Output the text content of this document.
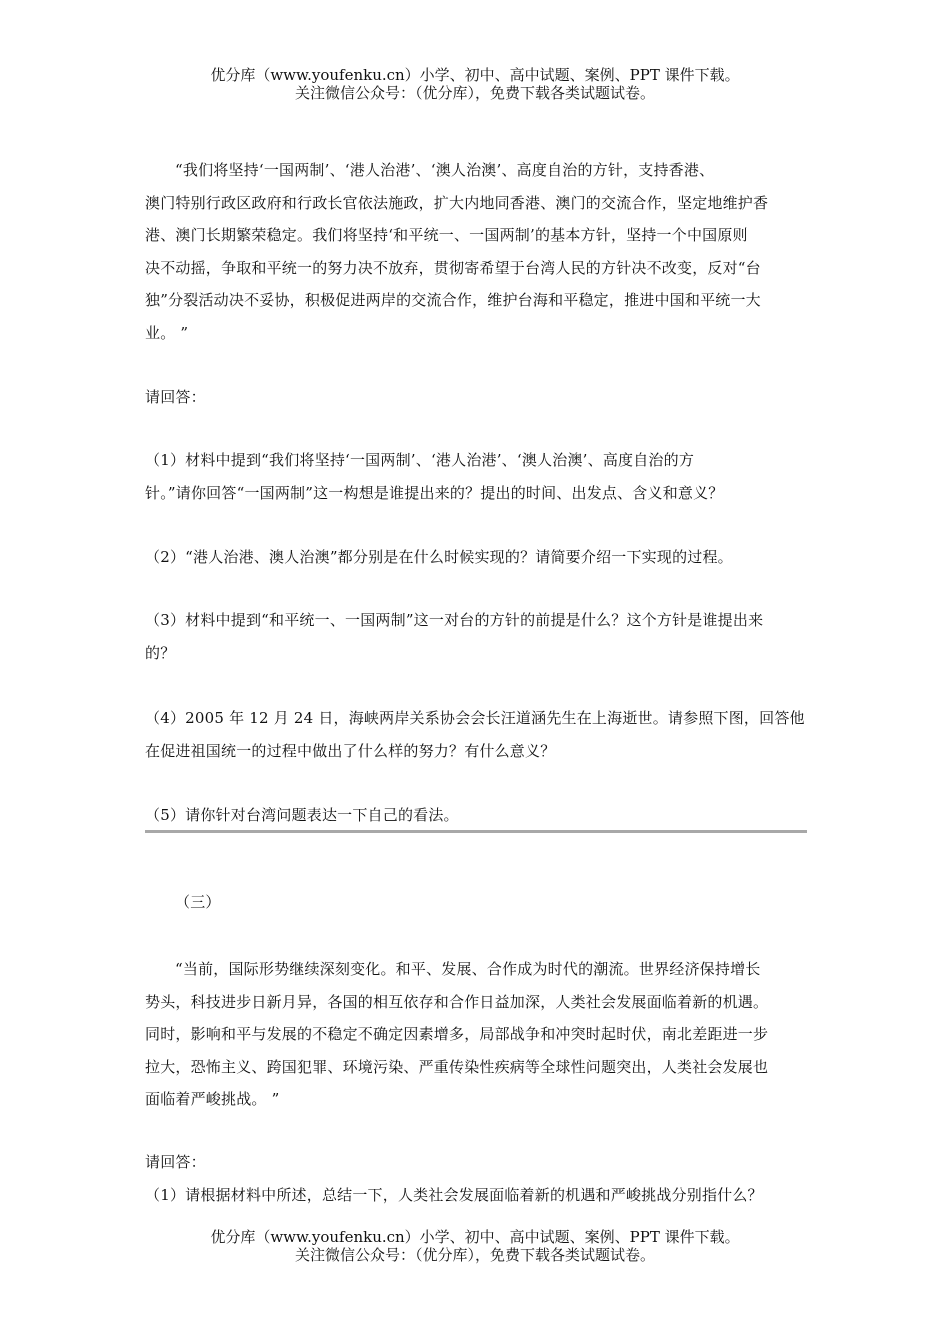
优分库（www.youfenku.cn）小学、初中、高中试题、案例、PPT 课件下载。
关注微信公众号：（优分库），免费下载各类试题试卷。
“我们将坚持‘一国两制’、‘港人治港’、‘澳人治澳’、高度自治的方针，支持香港、
澳门特别行政区政府和行政长官依法施政，扩大内地同香港、澳门的交流合作，坚定地维护香
港、澳门长期繁荣稳定。我们将坚持‘和平统一、一国两制’的基本方针，坚持一个中国原则
决不动摇，争取和平统一的努力决不放弃，贯彻寄希望于台湾人民的方针决不改变，反对“台
独”分裂活动决不妥协，积极促进两岸的交流合作，维护台海和平稳定，推进中国和平统一大
业。 ”
请回答：
（1）材料中提到“我们将坚持‘一国两制’、‘港人治港’、‘澳人治澳’、高度自治的方
针。”请你回答“一国两制”这一构想是谁提出来的？提出的时间、出发点、含义和意义？
（2）“港人治港、澳人治澳”都分别是在什么时候实现的？请简要介绍一下实现的过程。
（3）材料中提到“和平统一、一国两制”这一对台的方针的前提是什么？这个方针是谁提出来
的？
（4）2005 年 12 月 24 日，海峡两岸关系协会会长汪道涵先生在上海逝世。请参照下图，回答他
在促进祖国统一的过程中做出了什么样的努力？有什么意义？
（5）请你针对台湾问题表达一下自己的看法。
（三）
“当前，国际形势继续深刻变化。和平、发展、合作成为时代的潮流。世界经济保持增长
势头，科技进步日新月异，各国的相互依存和合作日益加深，人类社会发展面临着新的机遇。
同时，影响和平与发展的不稳定不确定因素增多，局部战争和冲突时起时伏，南北差距进一步
拉大，恐怖主义、跨国犯罪、环境污染、严重传染性疾病等全球性问题突出，人类社会发展也
面临着严峻挑战。 ”
请回答：
（1）请根据材料中所述，总结一下，人类社会发展面临着新的机遇和严峻挑战分别指什么？
优分库（www.youfenku.cn）小学、初中、高中试题、案例、PPT 课件下载。
关注微信公众号：（优分库），免费下载各类试题试卷。
